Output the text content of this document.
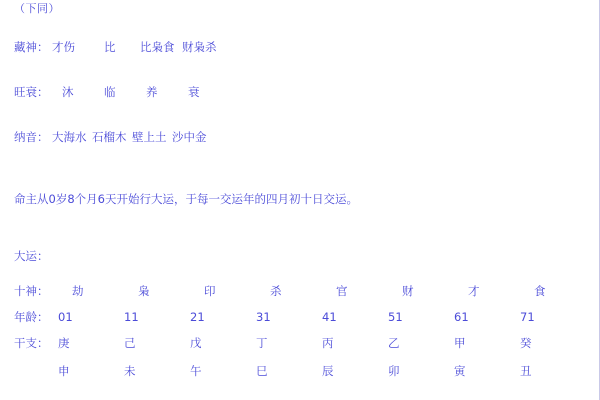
（下同）
藏神： 才伤	比 比枭食 财枭杀
旺衰： 沐	临	养	衰
纳音： 大海水 石榴木 壁上土 沙中金
命主从0岁8个月6天开始行大运，于每一交运年的四月初十日交运。
大运：
十神： 劫	枭	印	杀	官	财	才	食
年龄： 01	11	21	31	41	51	61	71
干支： 庚	己	戊	丁	丙	乙	甲	癸
申	未	午	巳	辰	卯	寅	丑
